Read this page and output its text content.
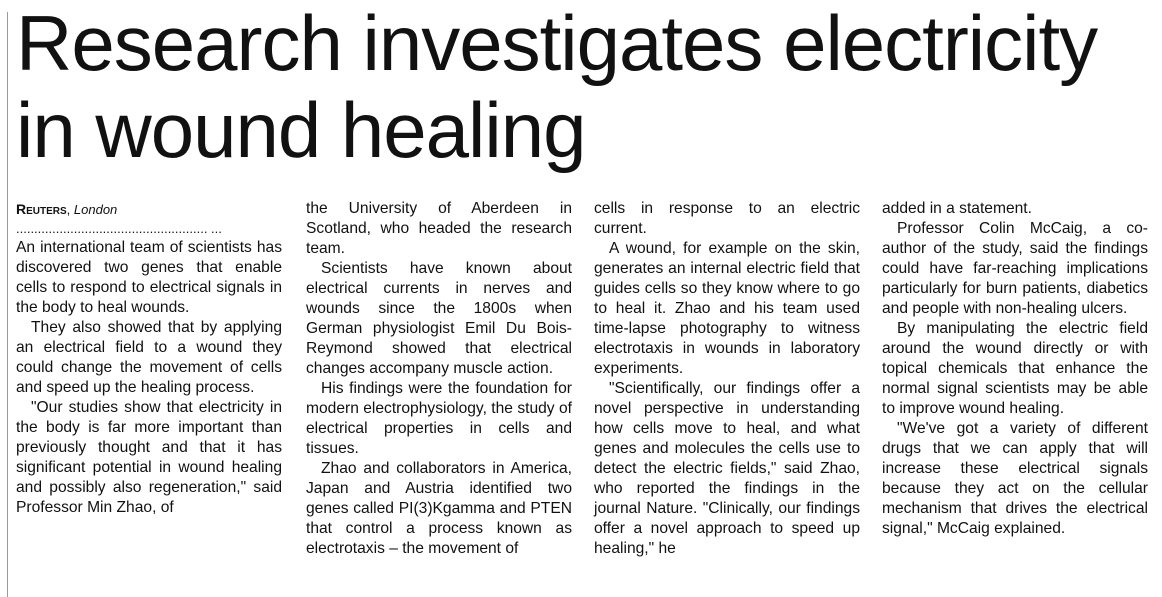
Research investigates electricity in wound healing

Reuters, London

..................................................... ...

An international team of scientists has discovered two genes that enable cells to respond to electrical signals in the body to heal wounds.

They also showed that by applying an electrical field to a wound they could change the movement of cells and speed up the healing process.

"Our studies show that electricity in the body is far more important than previously thought and that it has significant potential in wound healing and possibly also regeneration," said Professor Min Zhao, of

the University of Aberdeen in Scotland, who headed the research team.

Scientists have known about electrical currents in nerves and wounds since the 1800s when German physiologist Emil Du Bois-Reymond showed that electrical changes accompany muscle action.

His findings were the foundation for modern electrophysiology, the study of electrical properties in cells and tissues.

Zhao and collaborators in America, Japan and Austria identified two genes called PI(3)Kgamma and PTEN that control a process known as electrotaxis – the movement of

cells in response to an electric current.

A wound, for example on the skin, generates an internal electric field that guides cells so they know where to go to heal it. Zhao and his team used time-lapse photography to witness electrotaxis in wounds in laboratory experiments.

"Scientifically, our findings offer a novel perspective in understanding how cells move to heal, and what genes and molecules the cells use to detect the electric fields," said Zhao, who reported the findings in the journal Nature. "Clinically, our findings offer a novel approach to speed up healing," he

added in a statement.

Professor Colin McCaig, a co-author of the study, said the findings could have far-reaching implications particularly for burn patients, diabetics and people with non-healing ulcers.

By manipulating the electric field around the wound directly or with topical chemicals that enhance the normal signal scientists may be able to improve wound healing.

"We've got a variety of different drugs that we can apply that will increase these electrical signals because they act on the cellular mechanism that drives the electrical signal," McCaig explained.
